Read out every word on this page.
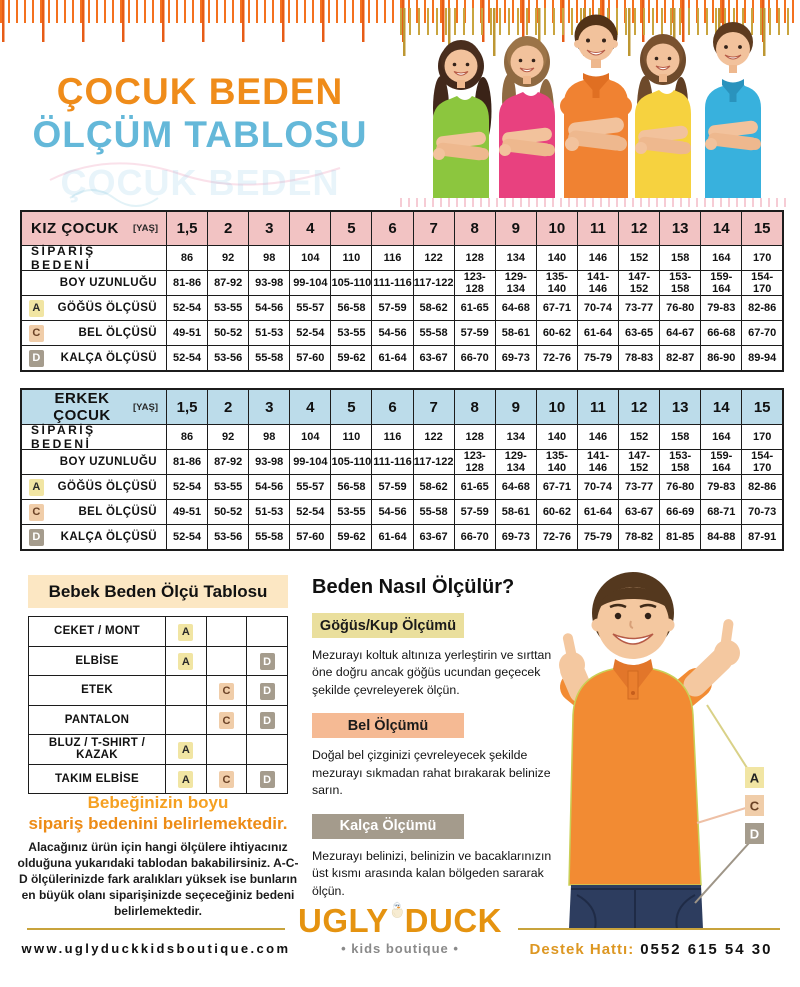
ÇOCUK BEDEN
ÖLÇÜM TABLOSU
ÇOCUK BEDEN
KIZ ÇOCUK [YAŞ]	1,5	2	3	4	5	6	7	8	9	10	11	12	13	14	15

SİPARİŞ BEDENİ	86	92	98	104	110	116	122	128	134	140	146	152	158	164	170

BOY UZUNLUĞU	81-86	87-92	93-98	99-104	105-110	111-116	117-122	123-128	129-134	135-140	141-146	147-152	153-158	159-164	154-170

A GÖĞÜS ÖLÇÜSÜ	52-54	53-55	54-56	55-57	56-58	57-59	58-62	61-65	64-68	67-71	70-74	73-77	76-80	79-83	82-86

C BEL ÖLÇÜSÜ	49-51	50-52	51-53	52-54	53-55	54-56	55-58	57-59	58-61	60-62	61-64	63-65	64-67	66-68	67-70

D KALÇA ÖLÇÜSÜ	52-54	53-56	55-58	57-60	59-62	61-64	63-67	66-70	69-73	72-76	75-79	78-83	82-87	86-90	89-94
ERKEK ÇOCUK [YAŞ]	1,5	2	3	4	5	6	7	8	9	10	11	12	13	14	15

SİPARİŞ BEDENİ	86	92	98	104	110	116	122	128	134	140	146	152	158	164	170

BOY UZUNLUĞU	81-86	87-92	93-98	99-104	105-110	111-116	117-122	123-128	129-134	135-140	141-146	147-152	153-158	159-164	154-170

A GÖĞÜS ÖLÇÜSÜ	52-54	53-55	54-56	55-57	56-58	57-59	58-62	61-65	64-68	67-71	70-74	73-77	76-80	79-83	82-86

C BEL ÖLÇÜSÜ	49-51	50-52	51-53	52-54	53-55	54-56	55-58	57-59	58-61	60-62	61-64	63-67	66-69	68-71	70-73

D KALÇA ÖLÇÜSÜ	52-54	53-56	55-58	57-60	59-62	61-64	63-67	66-70	69-73	72-76	75-79	78-82	81-85	84-88	87-91
Bebek Beden Ölçü Tablosu
CEKET / MONT	A		
ELBİSE	A		D
ETEK		C	D
PANTALON		C	D
BLUZ / T-SHIRT / KAZAK	A		
TAKIM ELBİSE	A	C	D
Bebeğinizin boyu
sipariş bedenini belirlemektedir.
Alacağınız ürün için hangi ölçülere ihtiyacınız olduğuna yukarıdaki tablodan bakabilirsiniz. A-C-D ölçülerinizde fark aralıkları yüksek ise bunların en büyük olanı siparişinizde seçeceğiniz bedeni belirlemektedir.
www.uglyduckkidsboutique.com
Beden Nasıl Ölçülür?
Göğüs/Kup Ölçümü

Mezurayı koltuk altınıza yerleştirin ve sırttan öne doğru ancak göğüs ucundan geçecek şekilde çevreleyerek ölçün.

Bel Ölçümü

Doğal bel çizginizi çevreleyecek şekilde mezurayı sıkmadan rahat bırakarak belinize sarın.

Kalça Ölçümü

Mezurayı belinizi, belinizin ve bacaklarınızın üst kısmı arasında kalan bölgeden sararak ölçün.

UGLY DUCK
• kids boutique •
A
C
D
Destek Hattı: 0552 615 54 30
